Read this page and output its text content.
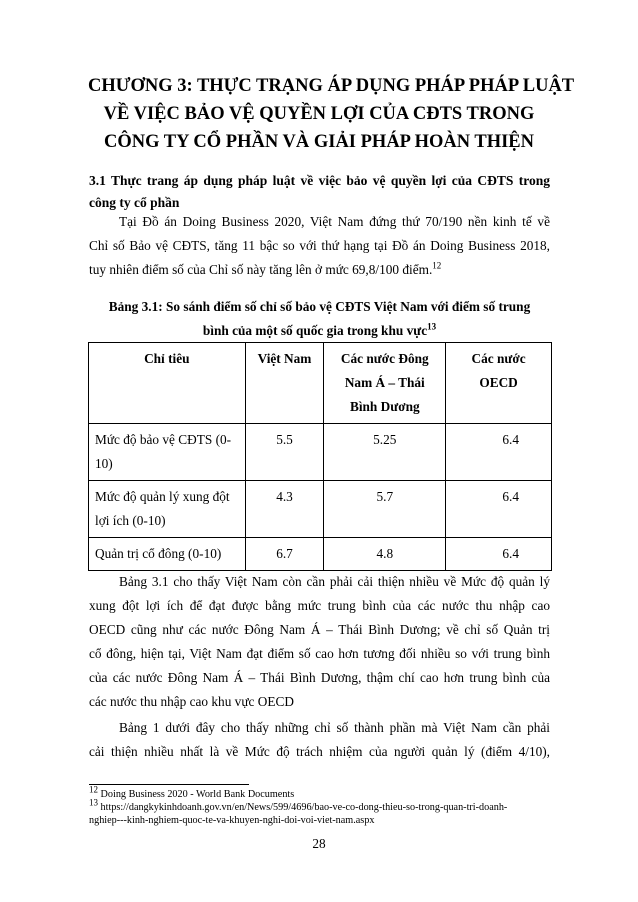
CHƯƠNG 3: THỰC TRẠNG ÁP DỤNG PHÁP PHÁP LUẬT
VỀ VIỆC BẢO VỆ QUYỀN LỢI CỦA CĐTS TRONG
CÔNG TY CỔ PHẦN VÀ GIẢI PHÁP HOÀN THIỆN
3.1 Thực trang áp dụng pháp luật về việc bảo vệ quyền lợi của CĐTS trong công ty cổ phần
Tại Đồ án Doing Business 2020, Việt Nam đứng thứ 70/190 nền kinh tế về
Chỉ số Bảo vệ CĐTS, tăng 11 bậc so với thứ hạng tại Đồ án Doing Business 2018,
tuy nhiên điểm số của Chỉ số này tăng lên ở mức 69,8/100 điểm.$^{12}$
Bảng 3.1: So sánh điểm số chỉ số bảo vệ CĐTS Việt Nam với điểm số trung
bình của một số quốc gia trong khu vực$^{13}$
Chỉ tiêu	Việt Nam	Các nước Đông Nam Á – Thái Bình Dương	Các nước OECD
Mức độ bảo vệ CĐTS (0-10)	5.5	5.25	6.4
Mức độ quản lý xung đột lợi ích (0-10)	4.3	5.7	6.4
Quản trị cổ đông (0-10)	6.7	4.8	6.4
Bảng 3.1 cho thấy Việt Nam còn cần phải cải thiện nhiều về Mức độ quản lý
xung đột lợi ích để đạt được bằng mức trung bình của các nước thu nhập cao
OECD cũng như các nước Đông Nam Á – Thái Bình Dương; về chỉ số Quản trị
cổ đông, hiện tại, Việt Nam đạt điểm số cao hơn tương đối nhiều so với trung bình
của các nước Đông Nam Á – Thái Bình Dương, thậm chí cao hơn trung bình của
các nước thu nhập cao khu vực OECD
Bảng 1 dưới đây cho thấy những chỉ số thành phần mà Việt Nam cần phải
cải thiện nhiều nhất là về Mức độ trách nhiệm của người quản lý (điểm 4/10),
$^{12}$ Doing Business 2020 - World Bank Documents
$^{13}$ https://dangkykinhdoanh.gov.vn/en/News/599/4696/bao-ve-co-dong-thieu-so-trong-quan-tri-doanh-
nghiep---kinh-nghiem-quoc-te-va-khuyen-nghi-doi-voi-viet-nam.aspx
28
